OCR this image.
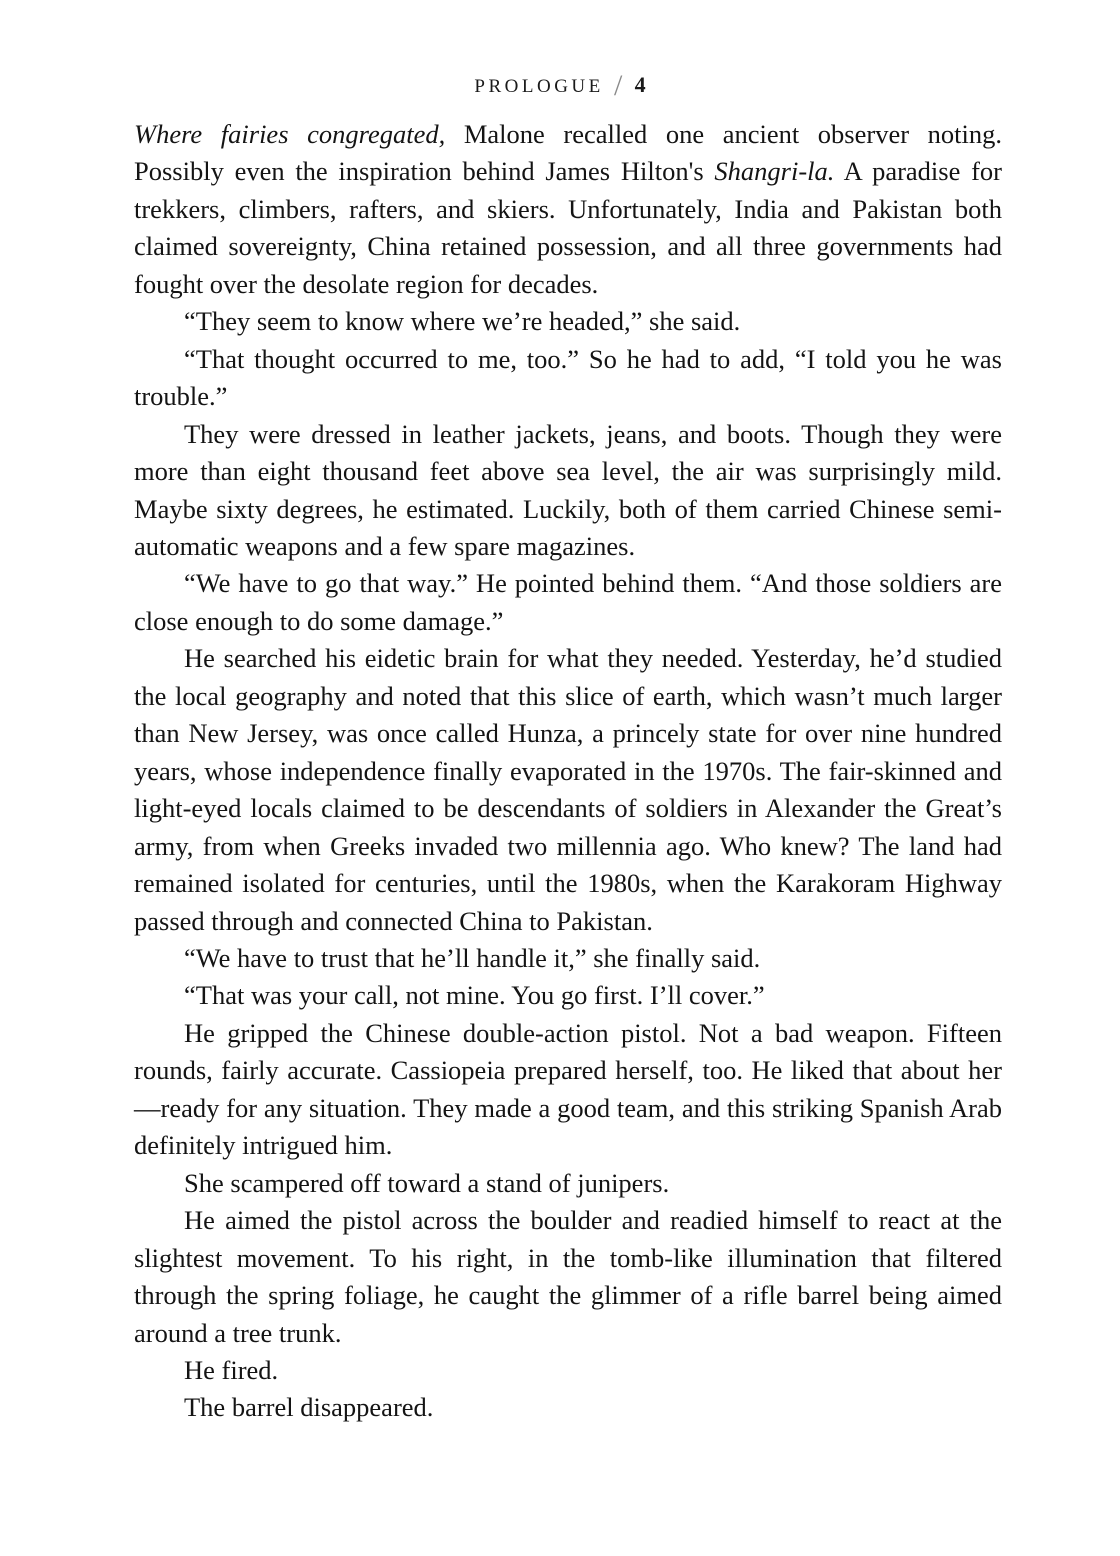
PROLOGUE / 4

Where fairies congregated, Malone recalled one ancient observer noting. Possibly even the inspiration behind James Hilton's Shangri-la. A paradise for trekkers, climbers, rafters, and skiers. Unfortunately, India and Pakistan both claimed sovereignty, China retained possession, and all three governments had fought over the desolate region for decades.

“They seem to know where we’re headed,” she said.

“That thought occurred to me, too.” So he had to add, “I told you he was trouble.”

They were dressed in leather jackets, jeans, and boots. Though they were more than eight thousand feet above sea level, the air was surprisingly mild. Maybe sixty degrees, he estimated. Luckily, both of them carried Chinese semi-automatic weapons and a few spare magazines.

“We have to go that way.” He pointed behind them. “And those soldiers are close enough to do some damage.”

He searched his eidetic brain for what they needed. Yesterday, he’d studied the local geography and noted that this slice of earth, which wasn’t much larger than New Jersey, was once called Hunza, a princely state for over nine hundred years, whose independence finally evaporated in the 1970s. The fair-skinned and light-eyed locals claimed to be descendants of soldiers in Alexander the Great’s army, from when Greeks invaded two millennia ago. Who knew? The land had remained isolated for centuries, until the 1980s, when the Karakoram Highway passed through and connected China to Pakistan.

“We have to trust that he’ll handle it,” she finally said.

“That was your call, not mine. You go first. I’ll cover.”

He gripped the Chinese double-action pistol. Not a bad weapon. Fifteen rounds, fairly accurate. Cassiopeia prepared herself, too. He liked that about her—ready for any situation. They made a good team, and this striking Spanish Arab definitely intrigued him.

She scampered off toward a stand of junipers.

He aimed the pistol across the boulder and readied himself to react at the slightest movement. To his right, in the tomb-like illumination that filtered through the spring foliage, he caught the glimmer of a rifle barrel being aimed around a tree trunk.

He fired.

The barrel disappeared.
